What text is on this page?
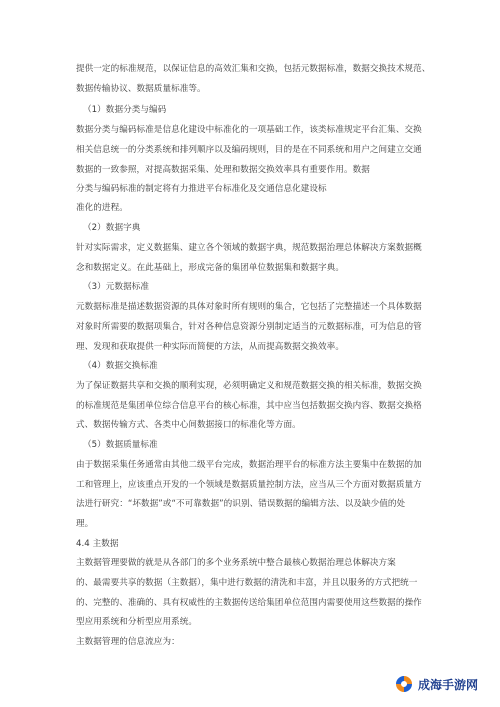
提供一定的标准规范，以保证信息的高效汇集和交换，包括元数据标准，数据交换技术规范、
数据传输协议、数据质量标准等。
（1）数据分类与编码
数据分类与编码标准是信息化建设中标准化的一项基础工作，该类标准规定平台汇集、交换
相关信息统一的分类系统和排列顺序以及编码规则，目的是在不同系统和用户之间建立交通
数据的一致参照，对提高数据采集、处理和数据交换效率具有重要作用。数据
分类与编码标准的制定将有力推进平台标准化及交通信息化建设标
准化的进程。
（2）数据字典
针对实际需求，定义数据集、建立各个领域的数据字典，规范数据治理总体解决方案数据概
念和数据定义。在此基础上，形成完备的集团单位数据集和数据字典。
（3）元数据标准
元数据标准是描述数据资源的具体对象时所有规则的集合，它包括了完整描述一个具体数据
对象时所需要的数据项集合，针对各种信息资源分别制定适当的元数据标准，可为信息的管
理、发现和获取提供一种实际而简便的方法，从而提高数据交换效率。
（4）数据交换标准
为了保证数据共享和交换的顺利实现，必须明确定义和规范数据交换的相关标准，数据交换
的标准规范是集团单位综合信息平台的核心标准，其中应当包括数据交换内容、数据交换格
式、数据传输方式、各类中心间数据接口的标准化等方面。
（5）数据质量标准
由于数据采集任务通常由其他二级平台完成，数据治理平台的标准方法主要集中在数据的加
工和管理上，应该重点开发的一个领域是数据质量控制方法，应当从三个方面对数据质量方
法进行研究：“坏数据”或“不可靠数据”的识别、错误数据的编辑方法、以及缺少值的处
理。
4.4 主数据
主数据管理要做的就是从各部门的多个业务系统中整合最核心数据治理总体解决方案
的、最需要共享的数据（主数据），集中进行数据的清洗和丰富，并且以服务的方式把统一
的、完整的、准确的、具有权威性的主数据传送给集团单位范围内需要使用这些数据的操作
型应用系统和分析型应用系统。
主数据管理的信息流应为：
成海手游网
